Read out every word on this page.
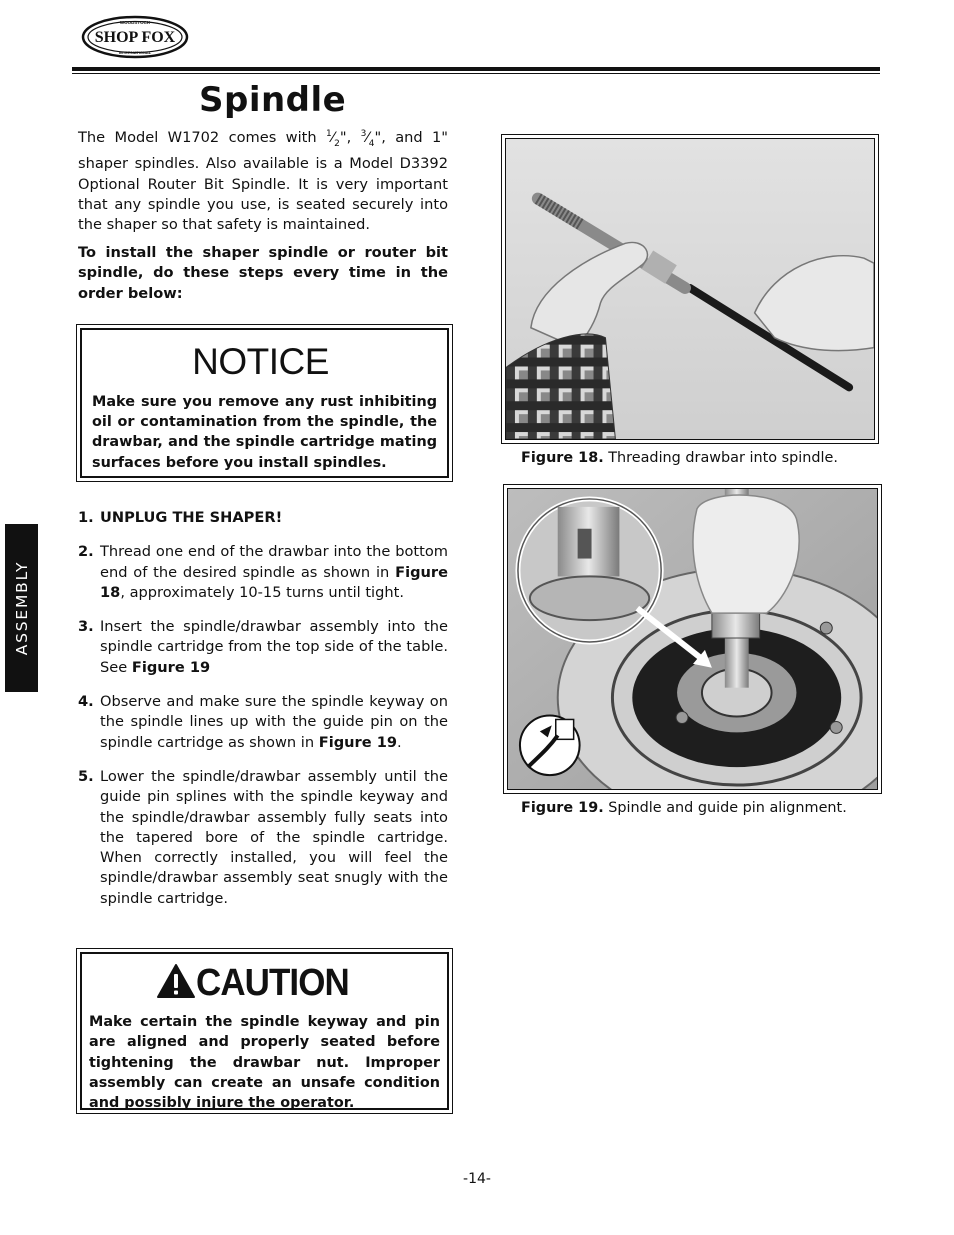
WOODSTOCK
SHOP FOX
INTERNATIONAL
Spindle
The Model W1702 comes with $^1⁄_2$", $^3⁄_4$", and 1" shaper spindles. Also available is a Model D3392 Optional Router Bit Spindle. It is very important that any spindle you use, is seated securely into the shaper so that safety is maintained.
To install the shaper spindle or router bit spindle, do these steps every time in the order below:
NOTICE
Make sure you remove any rust inhibiting oil or contamination from the spindle, the drawbar, and the spindle cartridge mating surfaces before you install spindles.
1. UNPLUG THE SHAPER!
2. Thread one end of the drawbar into the bottom end of the desired spindle as shown in Figure 18, approximately 10-15 turns until tight.
3. Insert the spindle/drawbar assembly into the spindle cartridge from the top side of the table. See Figure 19
4. Observe and make sure the spindle keyway on the spindle lines up with the guide pin on the spindle cartridge as shown in Figure 19.
5. Lower the spindle/drawbar assembly until the guide pin splines with the spindle keyway and the spindle/drawbar assembly fully seats into the tapered bore of the spindle cartridge. When correctly installed, you will feel the spindle/drawbar assembly seat snugly with the spindle cartridge.
CAUTION
Make certain the spindle keyway and pin are aligned and properly seated before tightening the drawbar nut. Improper assembly can create an unsafe condition and possibly injure the operator.
Figure 18. Threading drawbar into spindle.
Figure 19. Spindle and guide pin alignment.
ASSEMBLY
-14-
